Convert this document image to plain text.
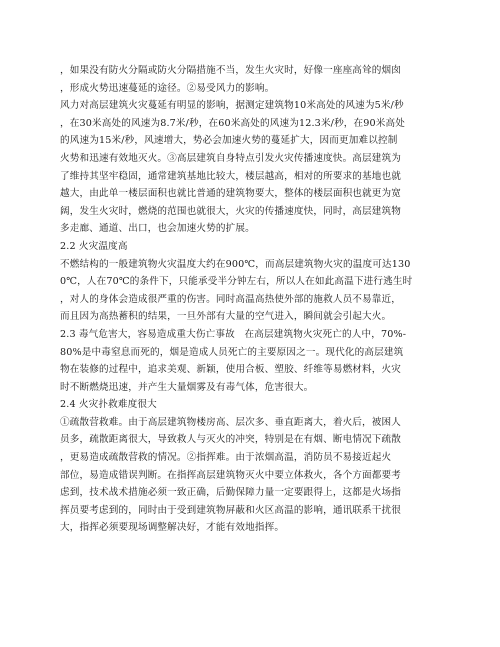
，如果没有防火分隔或防火分隔措施不当，发生火灾时，好像一座座高耸的烟囱
，形成火势迅速蔓延的途径。②易受风力的影响。
风力对高层建筑火灾蔓延有明显的影响，据测定建筑物10米高处的风速为5米/秒
，在30米高处的风速为8.7米/秒，在60米高处的风速为12.3米/秒，在90米高处
的风速为15米/秒，风速增大，势必会加速火势的蔓延扩大，因而更加难以控制
火势和迅速有效地灭火。③高层建筑自身特点引发火灾传播速度快。高层建筑为
了维持其坚牢稳固，通常建筑基地比较大，楼层越高，相对的所要求的基地也就
越大，由此单一楼层面积也就比普通的建筑物要大，整体的楼层面积也就更为宽
阔，发生火灾时，燃烧的范围也就很大，火灾的传播速度快，同时，高层建筑物
多走廊、通道、出口，也会加速火势的扩展。
2.2 火灾温度高
不燃结构的一般建筑物火灾温度大约在900℃，而高层建筑物火灾的温度可达130
0℃，人在70℃的条件下，只能承受半分钟左右，所以人在如此高温下进行逃生时
，对人的身体会造成很严重的伤害。同时高温高热使外部的施救人员不易靠近，
而且因为高热蓄积的结果，一旦外部有大量的空气进入，瞬间就会引起大火。
2.3 毒气危害大，容易造成重大伤亡事故　在高层建筑物火灾死亡的人中，70%-
80%是中毒窒息而死的，烟是造成人员死亡的主要原因之一。现代化的高层建筑
物在装修的过程中，追求美观、新颖，使用合板、塑胶、纤维等易燃材料，火灾
时不断燃烧迅速，并产生大量烟雾及有毒气体，危害很大。
2.4 火灾扑救难度很大
①疏散营救难。由于高层建筑物楼房高、层次多、垂直距离大，着火后，被困人
员多，疏散距离很大，导致救人与灭火的冲突，特别是在有烟、断电情况下疏散
，更易造成疏散营救的情况。②指挥难。由于浓烟高温，消防员不易接近起火
部位，易造成错误判断。在指挥高层建筑物灭火中要立体救火，各个方面都要考
虑到，技术战术措施必须一致正确，后勤保障力量一定要跟得上，这都是火场指
挥员要考虑到的，同时由于受到建筑物屏蔽和火区高温的影响，通讯联系干扰很
大，指挥必须要现场调整解决好，才能有效地指挥。
